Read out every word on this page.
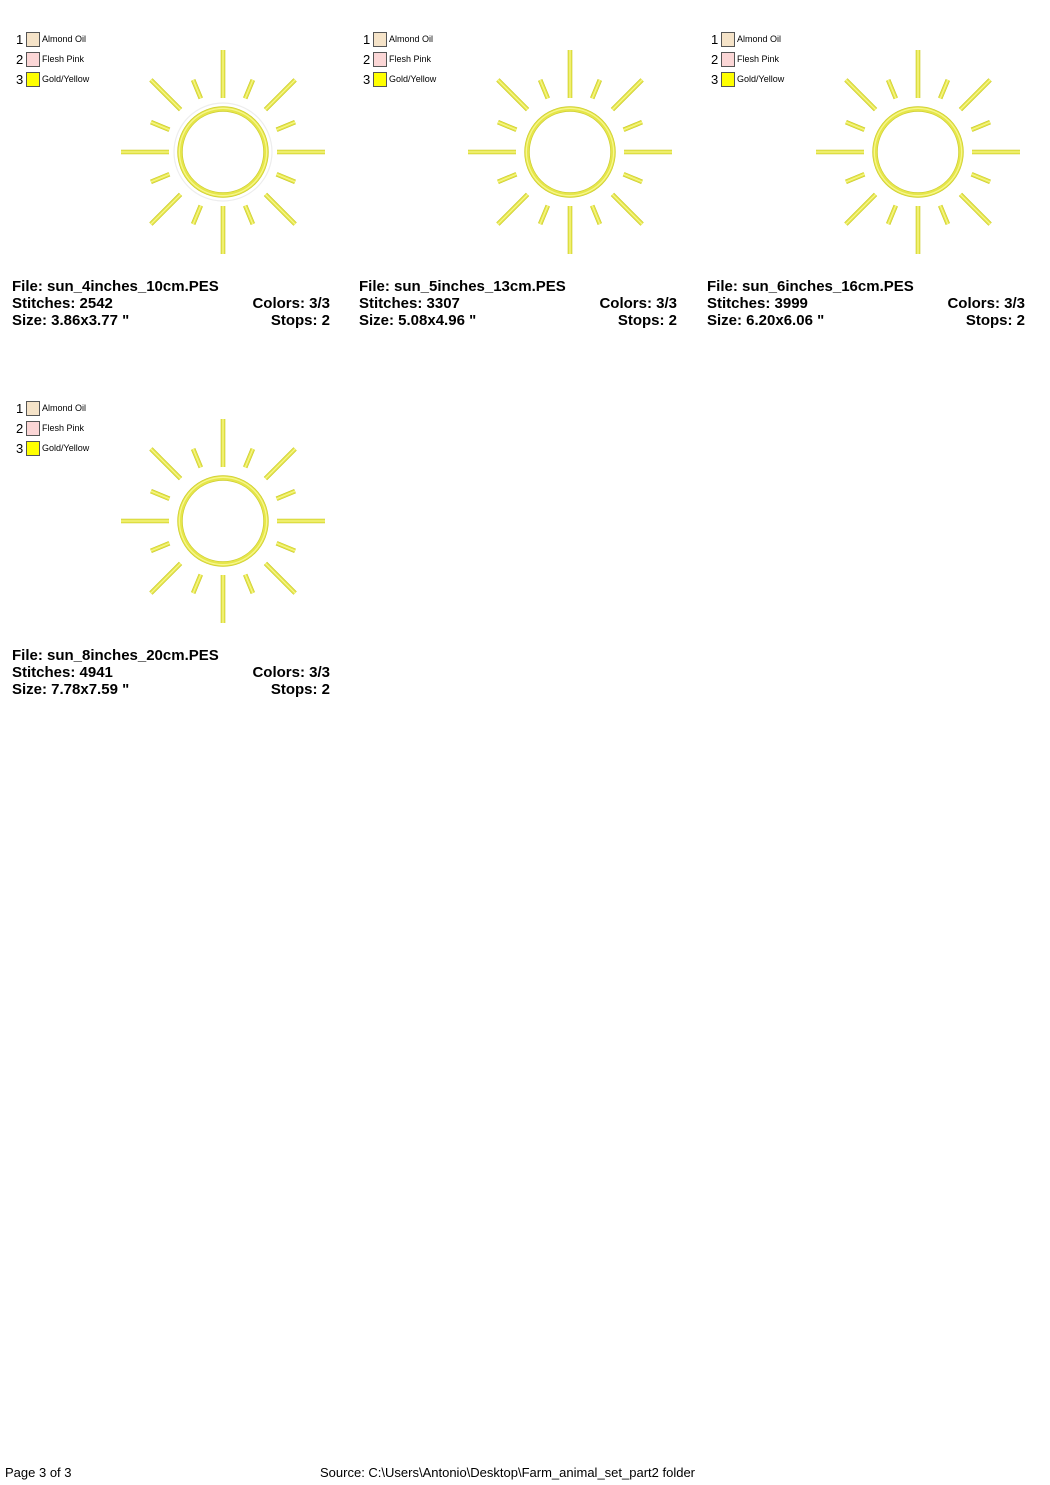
1 Almond Oil
2 Flesh Pink
3 Gold/Yellow
File: sun_4inches_10cm.PES
Stitches: 2542	Colors: 3/3
Size: 3.86x3.77 "	Stops: 2
1 Almond Oil
2 Flesh Pink
3 Gold/Yellow
File: sun_5inches_13cm.PES
Stitches: 3307	Colors: 3/3
Size: 5.08x4.96 "	Stops: 2
1 Almond Oil
2 Flesh Pink
3 Gold/Yellow
File: sun_6inches_16cm.PES
Stitches: 3999	Colors: 3/3
Size: 6.20x6.06 "	Stops: 2
1 Almond Oil
2 Flesh Pink
3 Gold/Yellow
File: sun_8inches_20cm.PES
Stitches: 4941	Colors: 3/3
Size: 7.78x7.59 "	Stops: 2
Page 3 of 3	Source: C:\Users\Antonio\Desktop\Farm_animal_set_part2 folder
